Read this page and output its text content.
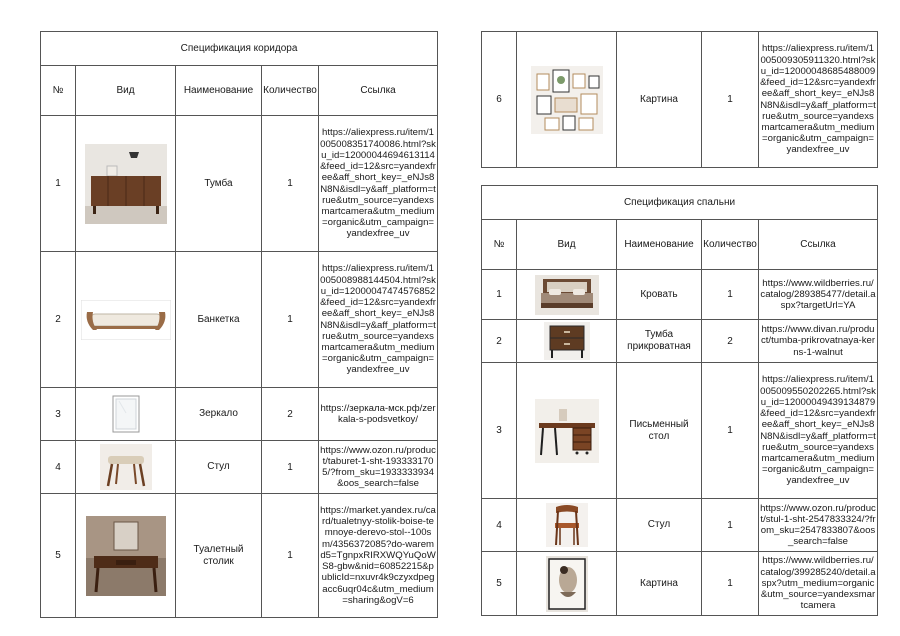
Спецификация коридора				
№	Вид	Наименование	Количество	Ссылка
1		Тумба	1	https://aliexpress.ru/item/1005008351740086.html?sku_id=12000044694613114&feed_id=12&src=yandexfree&aff_short_key=_eNJs8N8N&isdl=y&aff_platform=true&utm_source=yandexsmartcamera&utm_medium=organic&utm_campaign=yandexfree_uv
2		Банкетка	1	https://aliexpress.ru/item/1005008988144504.html?sku_id=12000047474576852&feed_id=12&src=yandexfree&aff_short_key=_eNJs8N8N&isdl=y&aff_platform=true&utm_source=yandexsmartcamera&utm_medium=organic&utm_campaign=yandexfree_uv
3		Зеркало	2	https://зеркала-мск.рф/zerkala-s-podsvetkoy/
4		Стул	1	https://www.ozon.ru/product/taburet-1-sht-1933331705/?from_sku=1933333934&oos_search=false
5		Туалетный столик	1	https://market.yandex.ru/card/tualetnyy-stolik-boise-temnoye-derevo-stol--100sm/4356372085?do-waremd5=TgnpxRIRXWQYuQoWS8-gbw&nid=60852215&publicId=nxuvr4k9czyxdpegacc6uqr04c&utm_medium=sharing&ogV=6
6		Картина	1	https://aliexpress.ru/item/1005009305911320.html?sku_id=12000048685488009&feed_id=12&src=yandexfree&aff_short_key=_eNJs8N8N&isdl=y&aff_platform=true&utm_source=yandexsmartcamera&utm_medium=organic&utm_campaign=yandexfree_uv
Спецификация спальни				
№	Вид	Наименование	Количество	Ссылка
1		Кровать	1	https://www.wildberries.ru/catalog/289385477/detail.aspx?targetUrl=YA
2		Тумба прикроватная	2	https://www.divan.ru/product/tumba-prikrovatnaya-kerns-1-walnut
3		Письменный стол	1	https://aliexpress.ru/item/1005009550202265.html?sku_id=12000049439134879&feed_id=12&src=yandexfree&aff_short_key=_eNJs8N8N&isdl=y&aff_platform=true&utm_source=yandexsmartcamera&utm_medium=organic&utm_campaign=yandexfree_uv
4		Стул	1	https://www.ozon.ru/product/stul-1-sht-2547833324/?from_sku=2547833807&oos_search=false
5		Картина	1	https://www.wildberries.ru/catalog/399285240/detail.aspx?utm_medium=organic&utm_source=yandexsmartcamera
